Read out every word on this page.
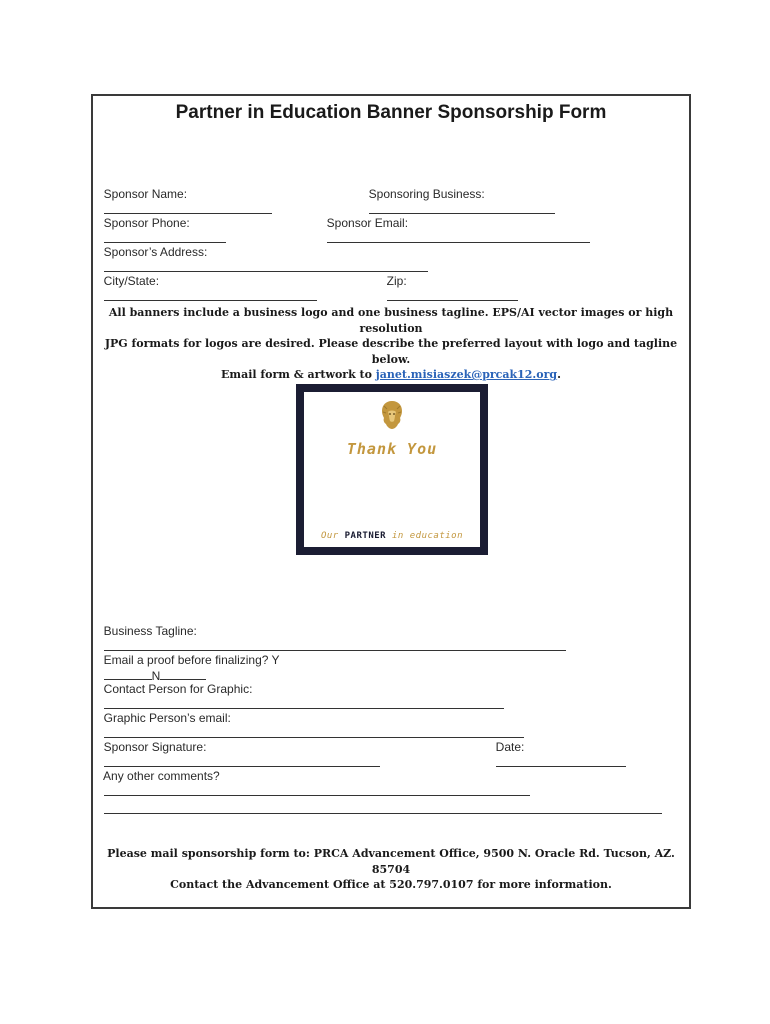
Partner in Education Banner Sponsorship Form

Sponsor Name:
	Sponsoring Business:

Sponsor Phone:
	Sponsor Email:

Sponsor’s Address:

City/State:
	Zip:

All banners include a business logo and one business tagline. EPS/AI vector images or high resolution
JPG formats for logos are desired. Please describe the preferred layout with logo and tagline below.
Email form & artwork to janet.misiaszek@prcak12.org.
Thank You
Our PARTNER in education

Business Tagline:

Email a proof before finalizing? Y
N

Contact Person for Graphic:

Graphic Person’s email:

Sponsor Signature:
	Date:

Any other comments?

Please mail sponsorship form to: PRCA Advancement Office, 9500 N. Oracle Rd. Tucson, AZ. 85704
Contact the Advancement Office at 520.797.0107 for more information.
